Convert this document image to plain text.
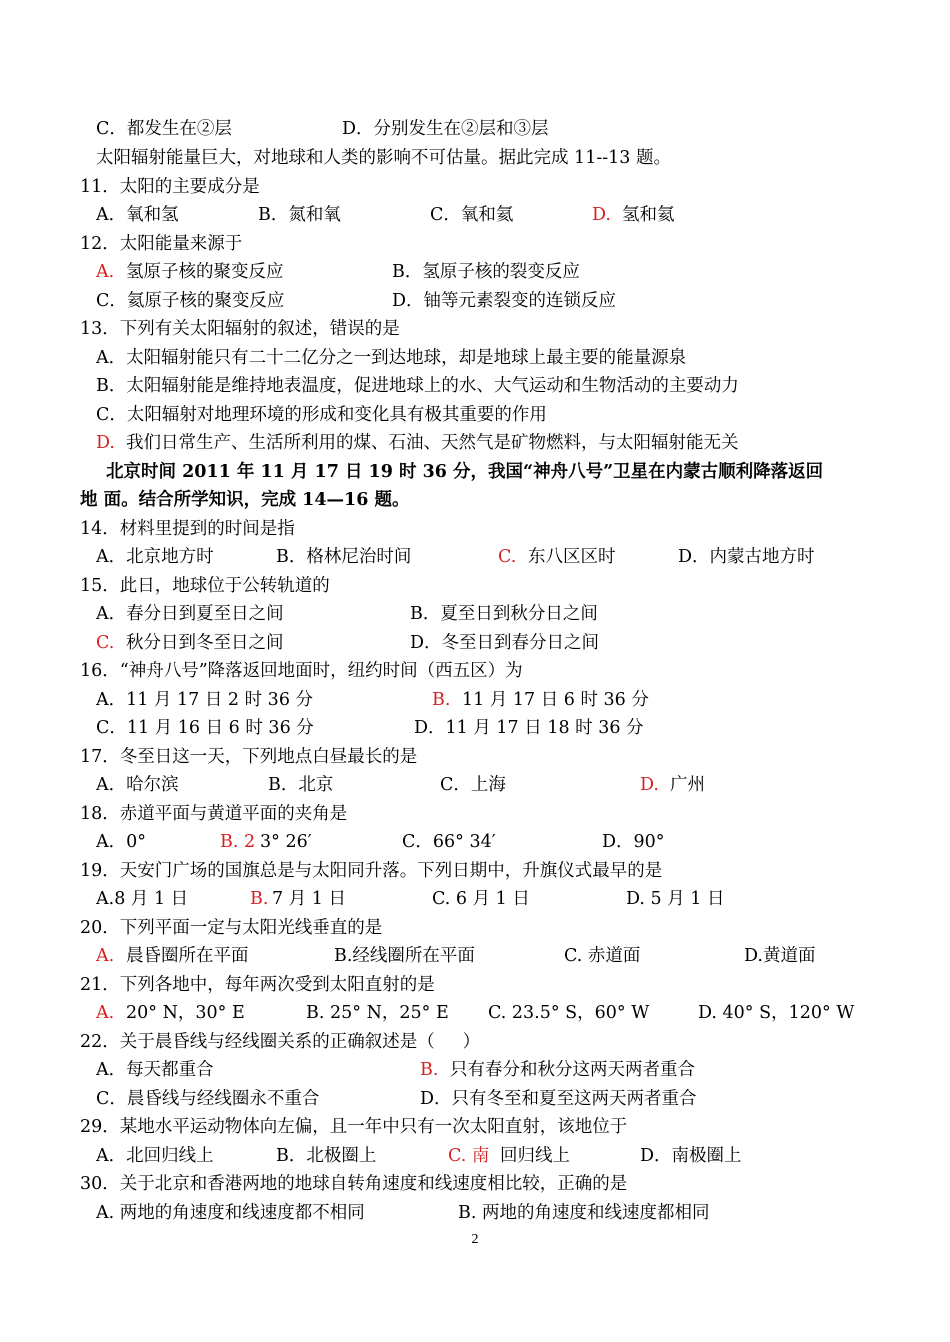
C．都发生在②层	D．分别发生在②层和③层
太阳辐射能量巨大，对地球和人类的影响不可估量。据此完成 11--13 题。
11．太阳的主要成分是
A．氧和氢	B．氮和氧	C．氧和氦	D. 氢和氦
12．太阳能量来源于
A. 氢原子核的聚变反应	B．氢原子核的裂变反应
C．氦原子核的聚变反应	D．铀等元素裂变的连锁反应
13．下列有关太阳辐射的叙述，错误的是
A．太阳辐射能只有二十二亿分之一到达地球，却是地球上最主要的能量源泉
B．太阳辐射能是维持地表温度，促进地球上的水、大气运动和生物活动的主要动力
C．太阳辐射对地理环境的形成和变化具有极其重要的作用
D. 我们日常生产、生活所利用的煤、石油、天然气是矿物燃料，与太阳辐射能无关
北京时间 2011 年 11 月 17 日 19 时 36 分，我国“神舟八号”卫星在内蒙古顺利降落返回
地 面。结合所学知识，完成 14—16 题。
14．材料里提到的时间是指
A．北京地方时	B．格林尼治时间	C. 东八区区时	D．内蒙古地方时
15．此日，地球位于公转轨道的
A．春分日到夏至日之间	B．夏至日到秋分日之间
C. 秋分日到冬至日之间	D．冬至日到春分日之间
16．“神舟八号”降落返回地面时，纽约时间（西五区）为
A．11 月 17 日 2 时 36 分	B. 11 月 17 日 6 时 36 分
C．11 月 16 日 6 时 36 分	D．11 月 17 日 18 时 36 分
17．冬至日这一天，下列地点白昼最长的是
A．哈尔滨	B．北京	C．上海	D. 广州
18．赤道平面与黄道平面的夹角是
A．0°	B. 2 3° 26′	C．66° 34′	D．90°
19．天安门广场的国旗总是与太阳同升落。下列日期中，升旗仪式最早的是
A.8 月 1 日	B. 7 月 1 日	C. 6 月 1 日	D. 5 月 1 日
20．下列平面一定与太阳光线垂直的是
A. 晨昏圈所在平面	B.经线圈所在平面	C. 赤道面	D.黄道面
21．下列各地中，每年两次受到太阳直射的是
A. 20° N，30° E	B. 25° N，25° E C. 23.5° S，60° W	D. 40° S，120° W
22．关于晨昏线与经线圈关系的正确叙述是（     ）
A．每天都重合	B. 只有春分和秋分这两天两者重合
C．晨昏线与经线圈永不重合	D．只有冬至和夏至这两天两者重合
29．某地水平运动物体向左偏，且一年中只有一次太阳直射，该地位于
A．北回归线上	B．北极圈上	C. 南 回归线上	D．南极圈上
30．关于北京和香港两地的地球自转角速度和线速度相比较，正确的是
A. 两地的角速度和线速度都不相同	B. 两地的角速度和线速度都相同
2
